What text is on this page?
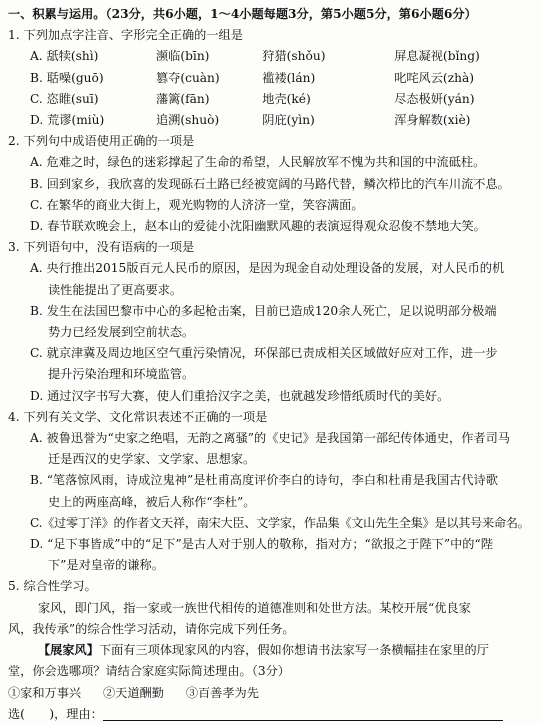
一、积累与运用。（23分，共6小题，1～4小题每题3分，第5小题5分，第6小题6分）
1. 下列加点字注音、字形完全正确的一组是
A. 舐犊(shì)	濒临(bīn)	狩猎(shǒu)	屏息凝视(bǐng)
B. 聒噪(guō)	篡夺(cuàn)	褴褛(lán)	叱咤风云(zhà)
C. 恣睢(suī)	藩篱(fān)	地壳(ké)	尽态极妍(yán)
D. 荒谬(miù)	追溯(shuò)	阴庇(yìn)	浑身解数(xiè)
2. 下列句中成语使用正确的一项是
A. 危难之时，绿色的迷彩撑起了生命的希望，人民解放军不愧为共和国的中流砥柱。
B. 回到家乡，我欣喜的发现砾石土路已经被宽阔的马路代替，鳞次栉比的汽车川流不息。
C. 在繁华的商业大街上，观光购物的人济济一堂，笑容满面。
D. 春节联欢晚会上，赵本山的爱徒小沈阳幽默风趣的表演逗得观众忍俊不禁地大笑。
3. 下列语句中，没有语病的一项是
A. 央行推出2015版百元人民币的原因，是因为现金自动处理设备的发展，对人民币的机
读性能提出了更高要求。
B. 发生在法国巴黎市中心的多起枪击案，目前已造成120余人死亡，足以说明部分极端
势力已经发展到空前状态。
C. 就京津冀及周边地区空气重污染情况，环保部已责成相关区域做好应对工作，进一步
提升污染治理和环境监管。
D. 通过汉字书写大赛，使人们重拾汉字之美，也就越发珍惜纸质时代的美好。
4. 下列有关文学、文化常识表述不正确的一项是
A. 被鲁迅誉为“史家之绝唱，无韵之离骚”的《史记》是我国第一部纪传体通史，作者司马
迁是西汉的史学家、文学家、思想家。
B. “笔落惊风雨，诗成泣鬼神”是杜甫高度评价李白的诗句，李白和杜甫是我国古代诗歌
史上的两座高峰，被后人称作“李杜”。
C.《过零丁洋》的作者文天祥，南宋大臣、文学家，作品集《文山先生全集》是以其号来命名。
D. “足下事皆成”中的“足下”是古人对于别人的敬称，指对方；“欲报之于陛下”中的“陛
下”是对皇帝的谦称。
5. 综合性学习。
家风，即门风，指一家或一族世代相传的道德准则和处世方法。某校开展“优良家
风，我传承”的综合性学习活动，请你完成下列任务。
【展家风】下面有三项体现家风的内容，假如你想请书法家写一条横幅挂在家里的厅
堂，你会选哪项？请结合家庭实际简述理由。（3分）
①家和万事兴 ②天道酬勤 ③百善孝为先
选(　　)，理由：
